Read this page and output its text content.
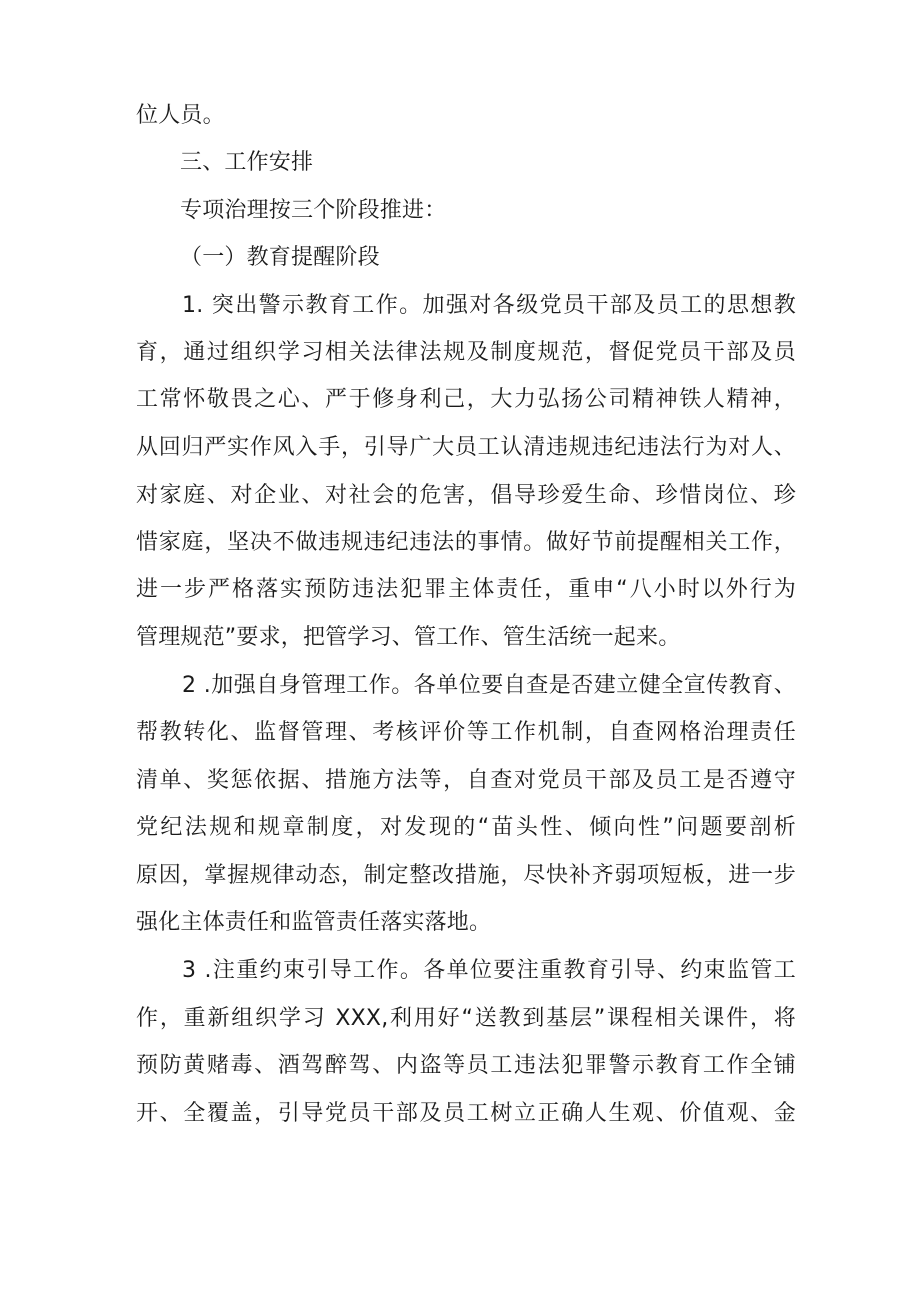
位人员。
三、工作安排
专项治理按三个阶段推进：
（一）教育提醒阶段
1. 突出警示教育工作。加强对各级党员干部及员工的思想教
育，通过组织学习相关法律法规及制度规范，督促党员干部及员
工常怀敬畏之心、严于修身利己，大力弘扬公司精神铁人精神，
从回归严实作风入手，引导广大员工认清违规违纪违法行为对人、
对家庭、对企业、对社会的危害，倡导珍爱生命、珍惜岗位、珍
惜家庭，坚决不做违规违纪违法的事情。做好节前提醒相关工作，
进一步严格落实预防违法犯罪主体责任，重申“八小时以外行为
管理规范”要求，把管学习、管工作、管生活统一起来。
2 .加强自身管理工作。各单位要自查是否建立健全宣传教育、
帮教转化、监督管理、考核评价等工作机制，自查网格治理责任
清单、奖惩依据、措施方法等，自查对党员干部及员工是否遵守
党纪法规和规章制度，对发现的“苗头性、倾向性”问题要剖析
原因，掌握规律动态，制定整改措施，尽快补齐弱项短板，进一步
强化主体责任和监管责任落实落地。
3 .注重约束引导工作。各单位要注重教育引导、约束监管工
作，重新组织学习 XXX,利用好“送教到基层”课程相关课件，将
预防黄赌毒、酒驾醉驾、内盗等员工违法犯罪警示教育工作全铺
开、全覆盖，引导党员干部及员工树立正确人生观、价值观、金
